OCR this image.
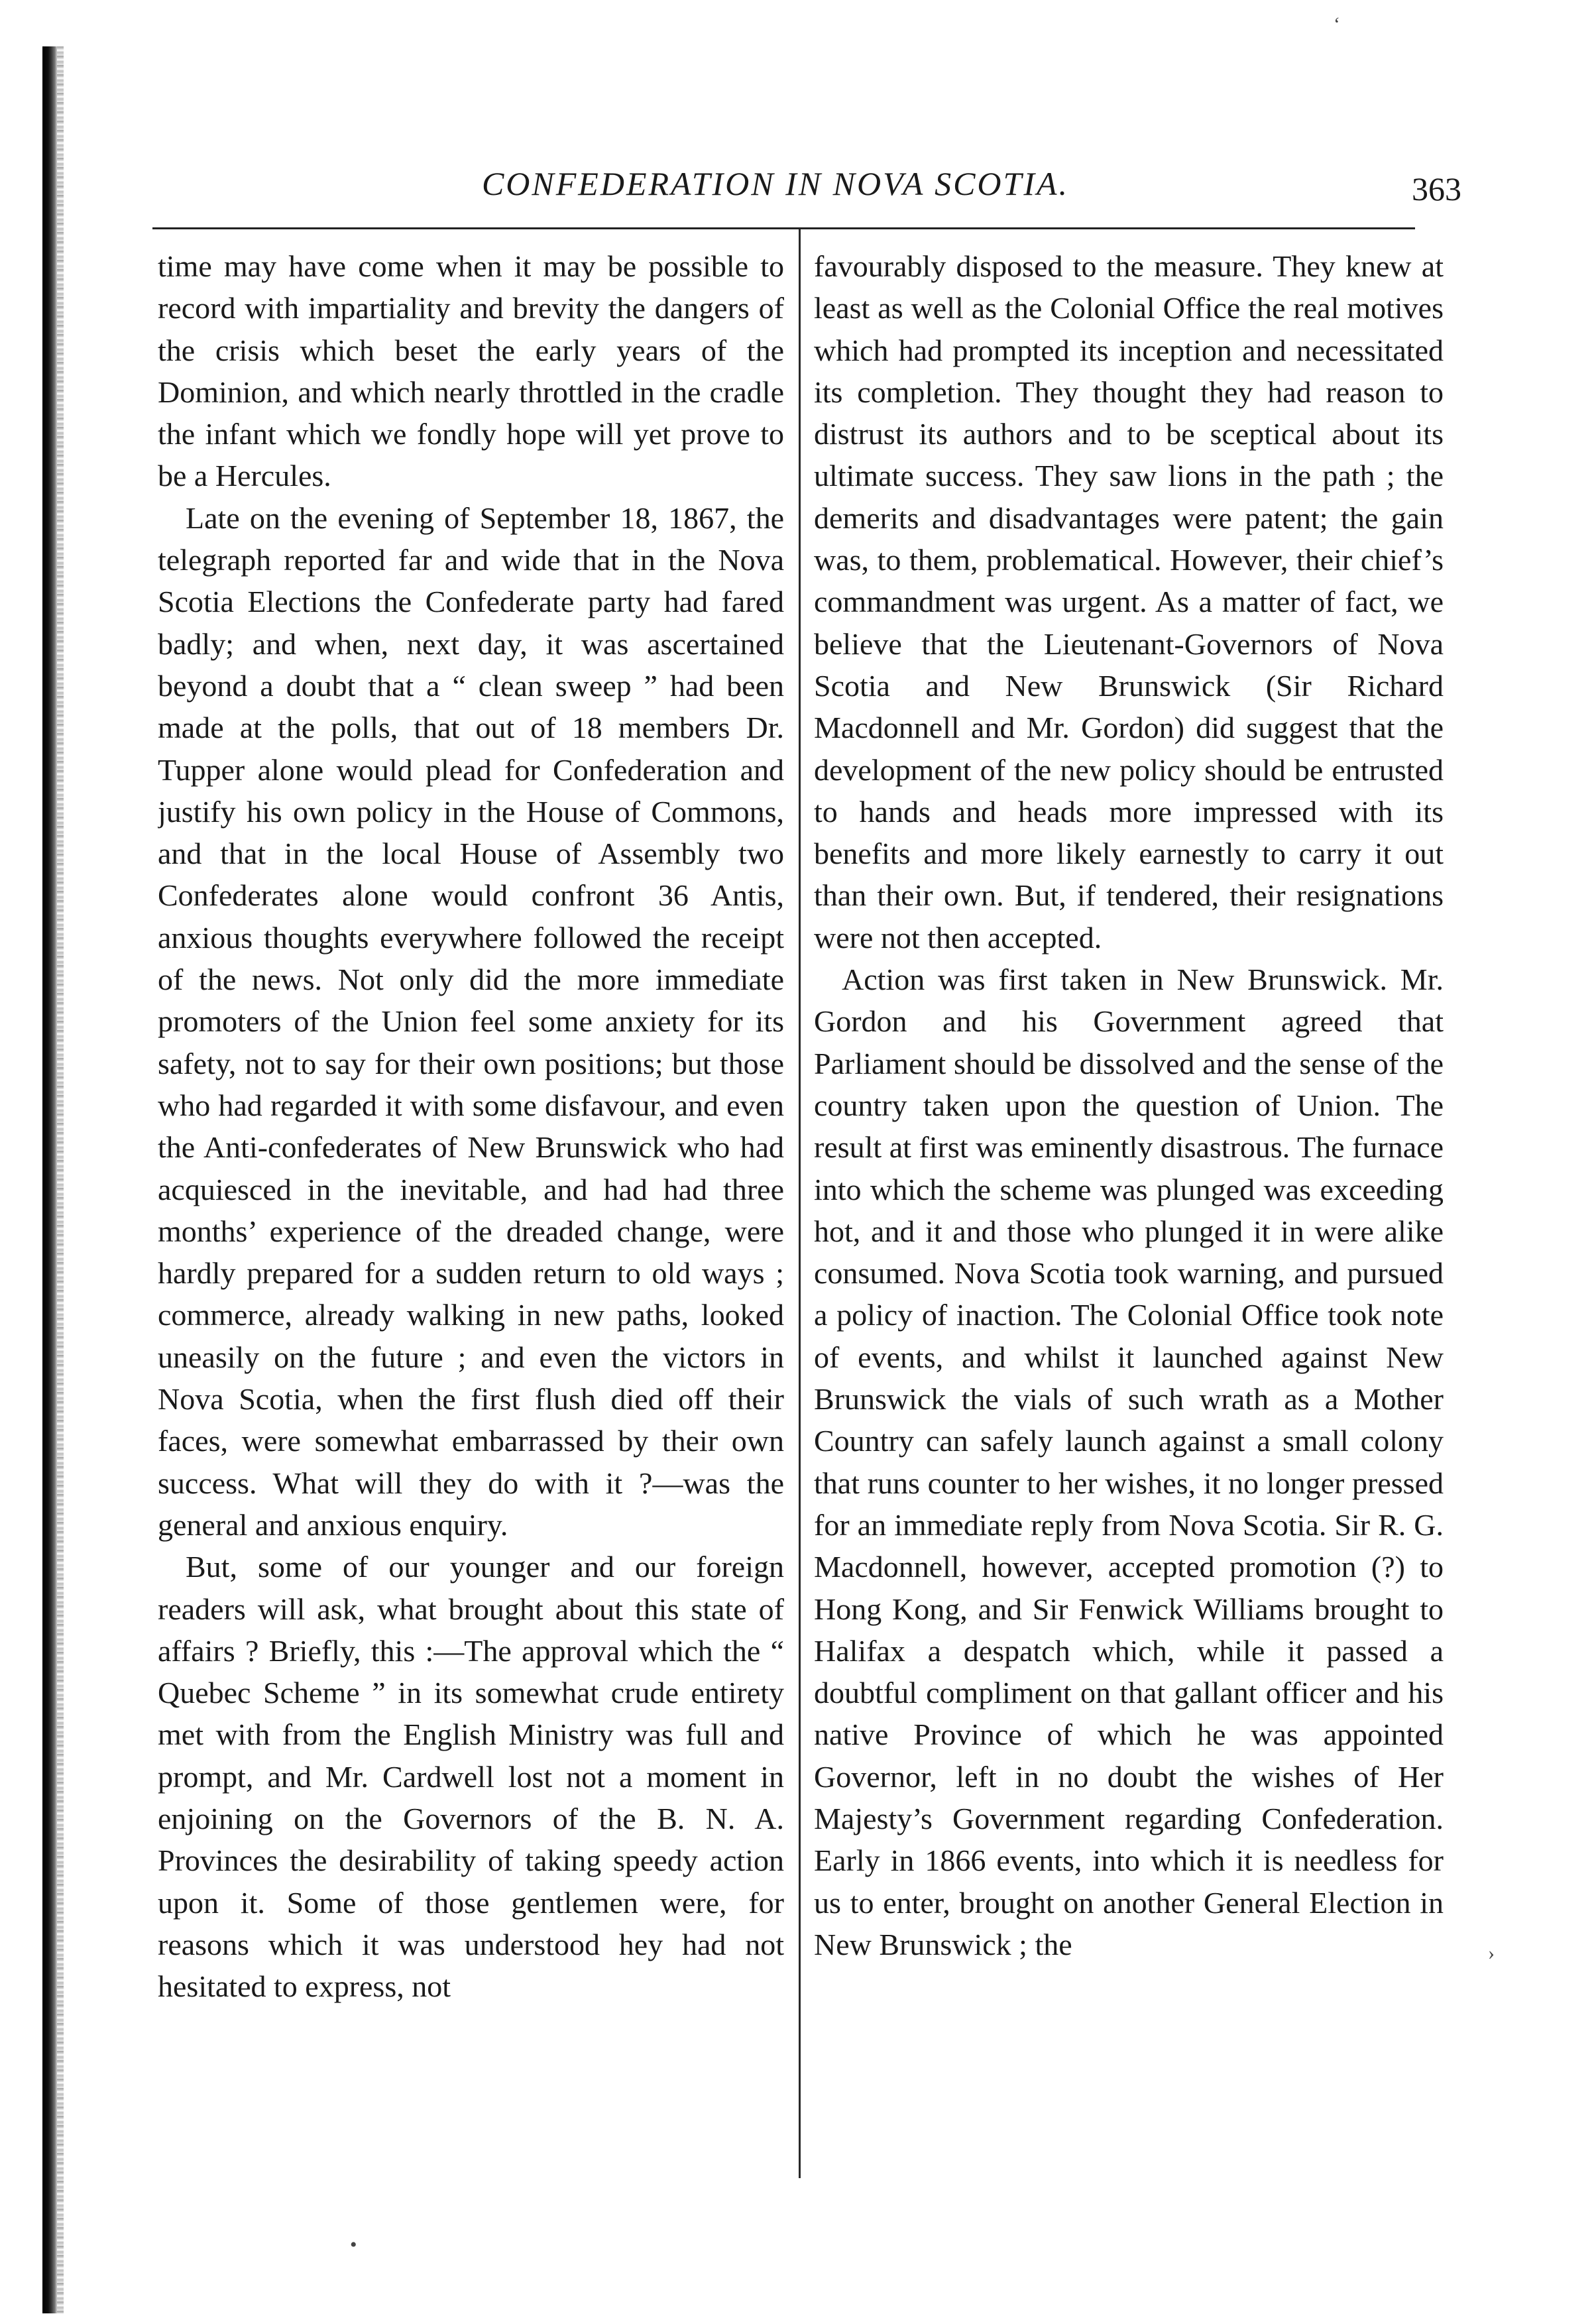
CONFEDERATION IN NOVA SCOTIA.	363

time may have come when it may be possible to record with impartiality and brevity the dangers of the crisis which beset the early years of the Dominion, and which nearly throttled in the cradle the infant which we fondly hope will yet prove to be a Hercules.

Late on the evening of September 18, 1867, the telegraph reported far and wide that in the Nova Scotia Elections the Confederate party had fared badly; and when, next day, it was ascertained beyond a doubt that a “ clean sweep ” had been made at the polls, that out of 18 members Dr. Tupper alone would plead for Confederation and justify his own policy in the House of Commons, and that in the local House of Assembly two Confederates alone would confront 36 Antis, anxious thoughts everywhere followed the receipt of the news. Not only did the more immediate promoters of the Union feel some anxiety for its safety, not to say for their own positions; but those who had regarded it with some disfavour, and even the Anti-confederates of New Brunswick who had acquiesced in the inevitable, and had had three months’ experience of the dreaded change, were hardly prepared for a sudden return to old ways ; commerce, already walking in new paths, looked uneasily on the future ; and even the victors in Nova Scotia, when the first flush died off their faces, were somewhat embarrassed by their own success. What will they do with it ?—was the general and anxious enquiry.

But, some of our younger and our foreign readers will ask, what brought about this state of affairs ? Briefly, this :—The approval which the “ Quebec Scheme ” in its somewhat crude entirety met with from the English Ministry was full and prompt, and Mr. Cardwell lost not a moment in enjoining on the Governors of the B. N. A. Provinces the desirability of taking speedy action upon it. Some of those gentlemen were, for reasons which it was understood hey had not hesitated to express, not

favourably disposed to the measure. They knew at least as well as the Colonial Office the real motives which had prompted its inception and necessitated its completion. They thought they had reason to distrust its authors and to be sceptical about its ultimate success. They saw lions in the path ; the demerits and disadvantages were patent; the gain was, to them, problematical. However, their chief’s commandment was urgent. As a matter of fact, we believe that the Lieutenant-Governors of Nova Scotia and New Brunswick (Sir Richard Macdonnell and Mr. Gordon) did suggest that the development of the new policy should be entrusted to hands and heads more impressed with its benefits and more likely earnestly to carry it out than their own. But, if tendered, their resignations were not then accepted.

Action was first taken in New Brunswick. Mr. Gordon and his Government agreed that Parliament should be dissolved and the sense of the country taken upon the question of Union. The result at first was eminently disastrous. The furnace into which the scheme was plunged was exceeding hot, and it and those who plunged it in were alike consumed. Nova Scotia took warning, and pursued a policy of inaction. The Colonial Office took note of events, and whilst it launched against New Brunswick the vials of such wrath as a Mother Country can safely launch against a small colony that runs counter to her wishes, it no longer pressed for an immediate reply from Nova Scotia. Sir R. G. Macdonnell, however, accepted promotion (?) to Hong Kong, and Sir Fenwick Williams brought to Halifax a despatch which, while it passed a doubtful compliment on that gallant officer and his native Province of which he was appointed Governor, left in no doubt the wishes of Her Majesty’s Government regarding Confederation. Early in 1866 events, into which it is needless for us to enter, brought on another General Election in New Brunswick ; the

‘
›
•
